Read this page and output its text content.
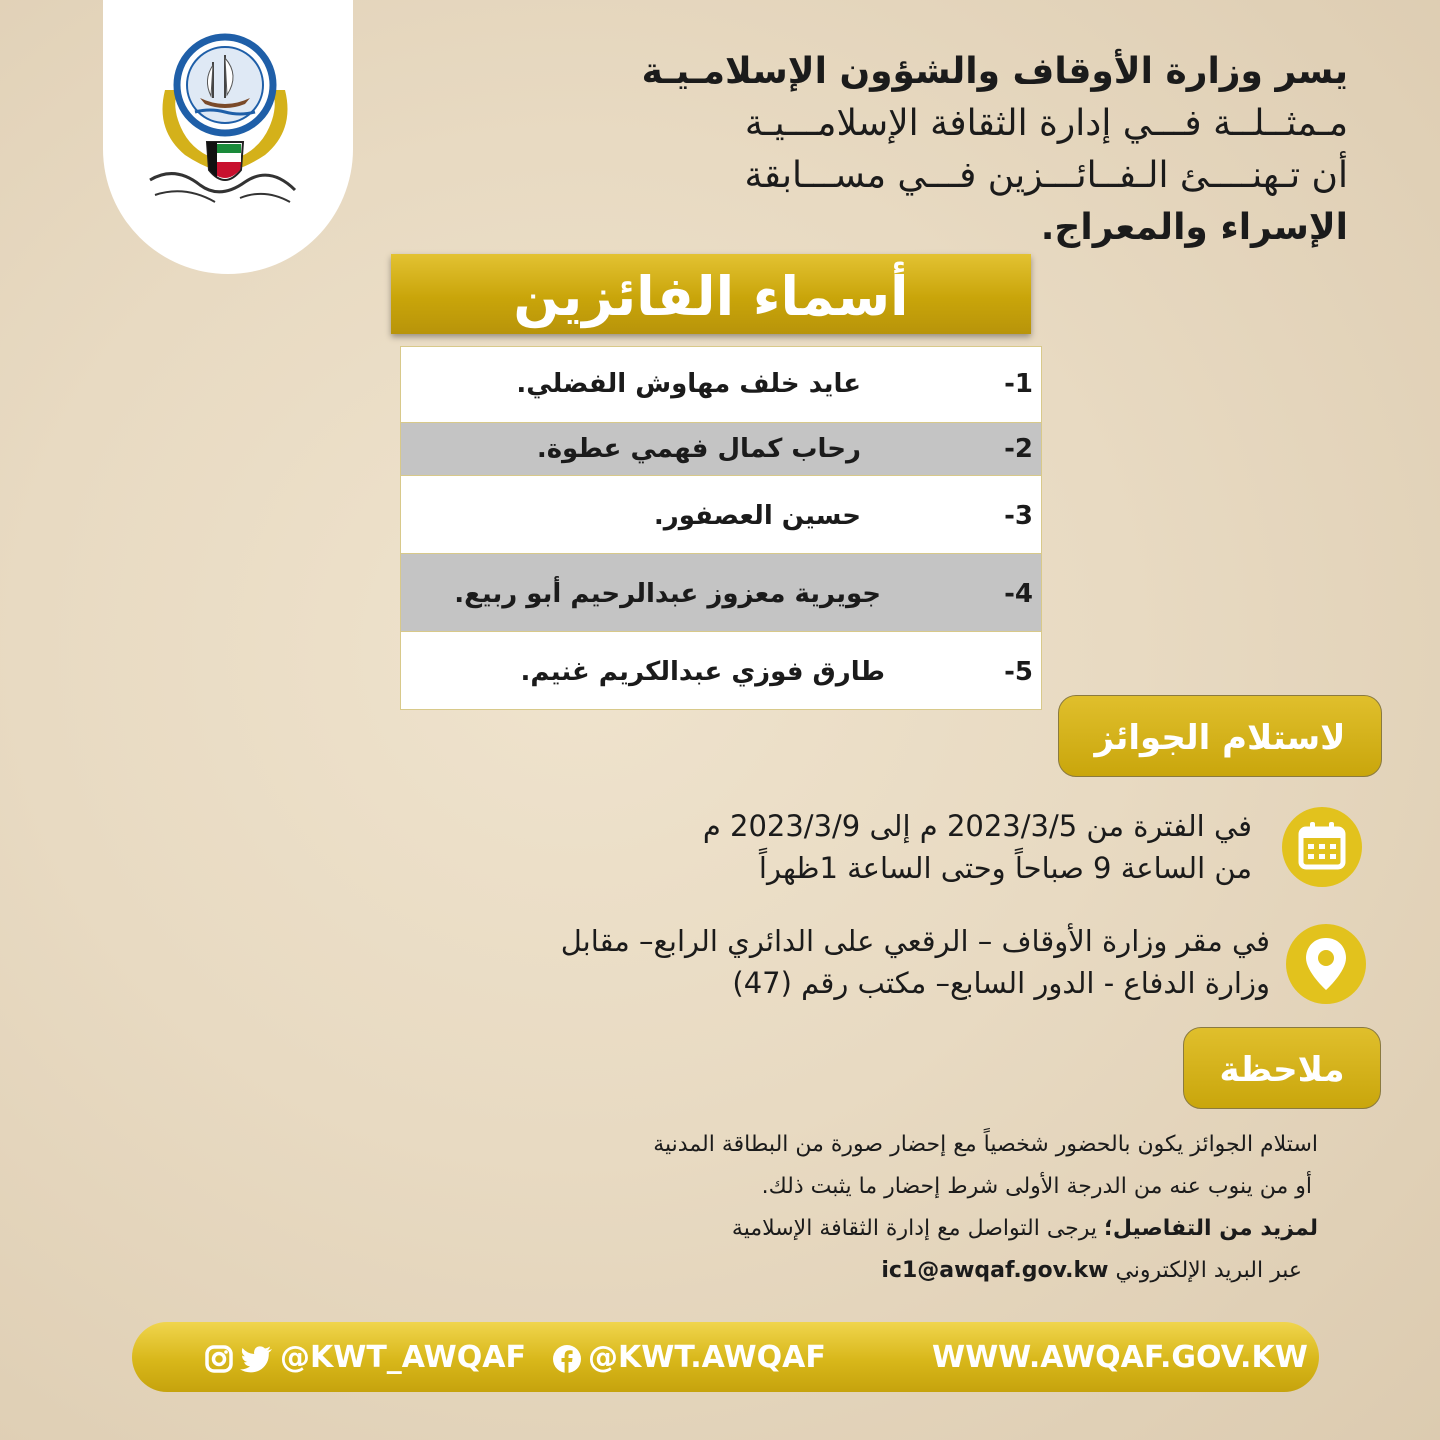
يسر وزارة الأوقاف والشؤون الإسلامـيـة
مـمثــلــة فـــي إدارة الثقافة الإسلامـــيـة
أن تـهنــــئ الـفــائـــزين فـــي مســـابقة
الإسراء والمعراج.
أسماء الفائزين
-1
عايد خلف مهاوش الفضلي.
-2
رحاب كمال فهمي عطوة.
-3
حسين العصفور.
-4
جويرية معزوز عبدالرحيم أبو ربيع.
-5
طارق فوزي عبدالكريم غنيم.
لاستلام الجوائز
في الفترة من 2023/3/5 م إلى 2023/3/9 م
من الساعة 9 صباحاً وحتى الساعة 1ظهراً
في مقر وزارة الأوقاف – الرقعي على الدائري الرابع– مقابل
وزارة الدفاع - الدور السابع– مكتب رقم (47)
ملاحظة
استلام الجوائز يكون بالحضور شخصياً مع إحضار صورة من البطاقة المدنية
أو من ينوب عنه من الدرجة الأولى شرط إحضار ما يثبت ذلك.
لمزيد من التفاصيل؛ يرجى التواصل مع إدارة الثقافة الإسلامية
عبر البريد الإلكتروني ic1@awqaf.gov.kw
@KWT_AWQAF	@KWT.AWQAF	WWW.AWQAF.GOV.KW
